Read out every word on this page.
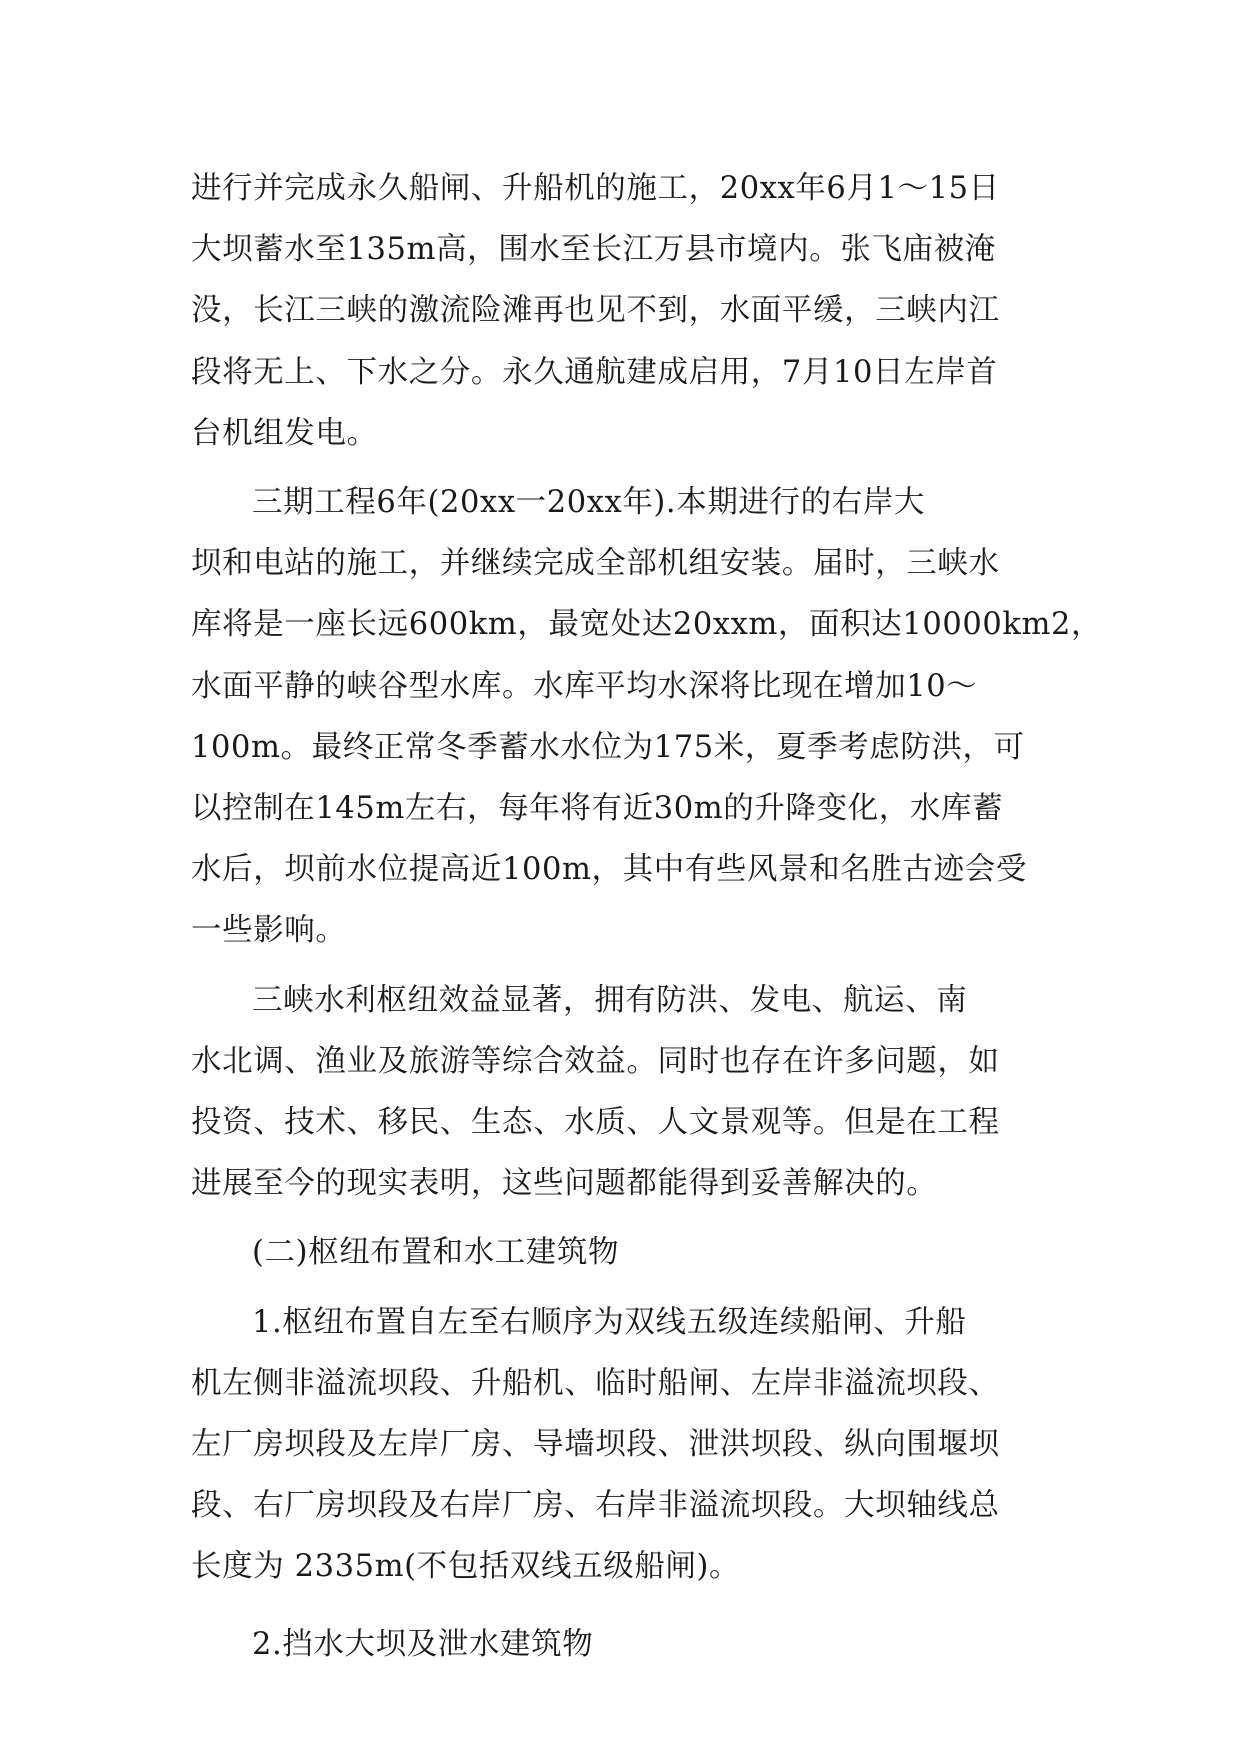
进行并完成永久船闸、升船机的施工，20xx年6月1～15日
大坝蓄水至135m高，围水至长江万县市境内。张飞庙被淹
没，长江三峡的激流险滩再也见不到，水面平缓，三峡内江
段将无上、下水之分。永久通航建成启用，7月10日左岸首
台机组发电。

三期工程6年(20xx一20xx年).本期进行的右岸大
坝和电站的施工，并继续完成全部机组安装。届时，三峡水
库将是一座长远600km，最宽处达20xxm，面积达10000km2，
水面平静的峡谷型水库。水库平均水深将比现在增加10～
100m。最终正常冬季蓄水水位为175米，夏季考虑防洪，可
以控制在145m左右，每年将有近30m的升降变化，水库蓄
水后，坝前水位提高近100m，其中有些风景和名胜古迹会受
一些影响。

三峡水利枢纽效益显著，拥有防洪、发电、航运、南
水北调、渔业及旅游等综合效益。同时也存在许多问题，如
投资、技术、移民、生态、水质、人文景观等。但是在工程
进展至今的现实表明，这些问题都能得到妥善解决的。

(二)枢纽布置和水工建筑物

1.枢纽布置自左至右顺序为双线五级连续船闸、升船
机左侧非溢流坝段、升船机、临时船闸、左岸非溢流坝段、
左厂房坝段及左岸厂房、导墙坝段、泄洪坝段、纵向围堰坝
段、右厂房坝段及右岸厂房、右岸非溢流坝段。大坝轴线总
长度为 2335m(不包括双线五级船闸)。

2.挡水大坝及泄水建筑物
